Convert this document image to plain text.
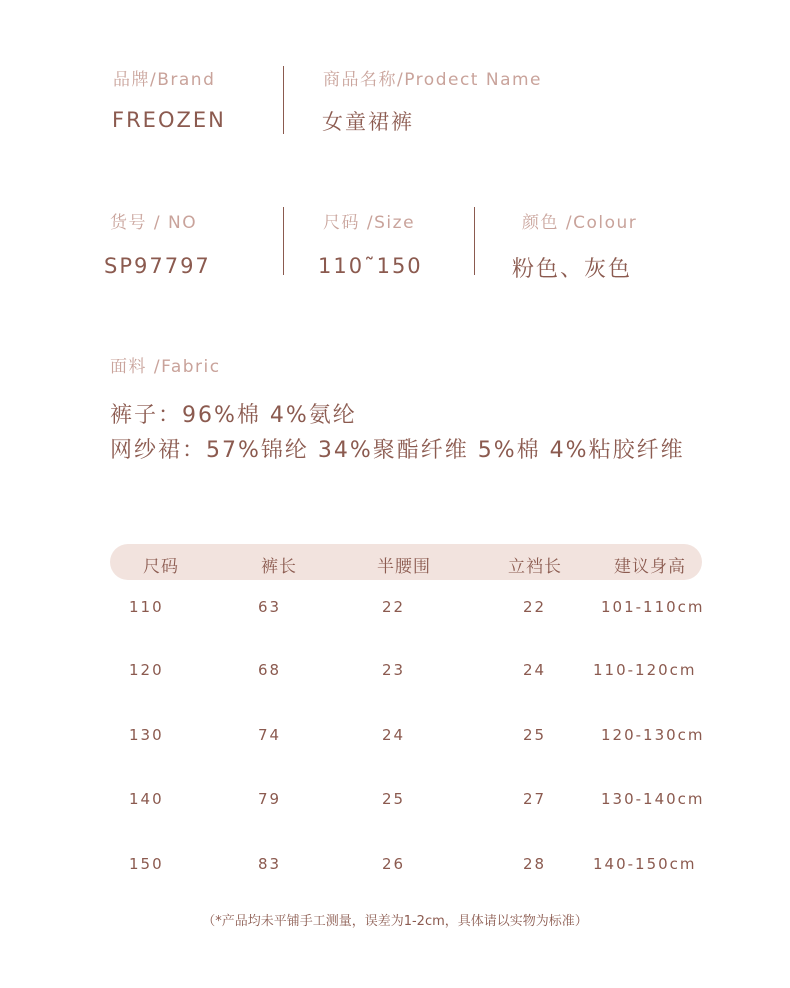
品牌/Brand
FREOZEN
商品名称/Prodect Name
女童裙裤
货号 / NO
SP97797
尺码 /Size
110˜150
颜色 /Colour
粉色、灰色
面料 /Fabric
裤子：96%棉 4%氨纶
网纱裙：57%锦纶 34%聚酯纤维 5%棉 4%粘胶纤维
尺码	裤长	半腰围	立裆长	建议身高
110	63	22	22	101-110cm
120	68	23	24	110-120cm
130	74	24	25	120-130cm
140	79	25	27	130-140cm
150	83	26	28	140-150cm
（*产品均未平铺手工测量，误差为1-2cm，具体请以实物为标准）
